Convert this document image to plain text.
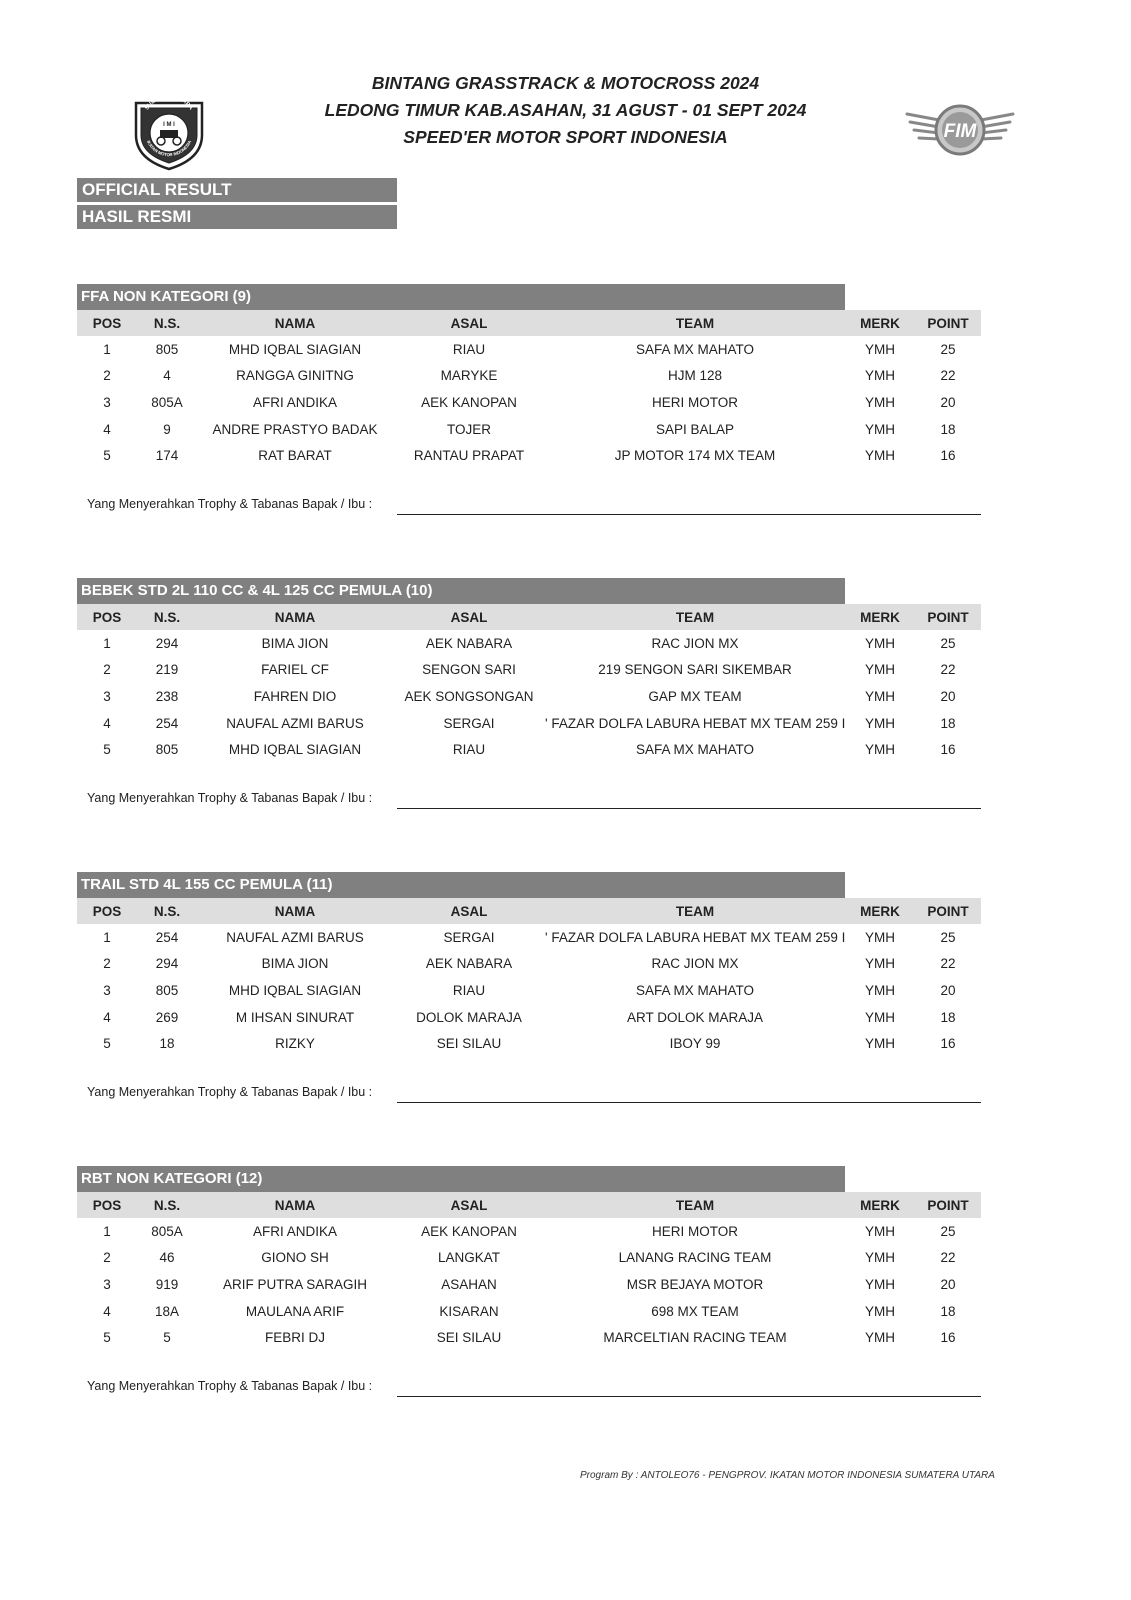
BINTANG GRASSTRACK & MOTOCROSS 2024
LEDONG TIMUR KAB.ASAHAN, 31 AGUST - 01 SEPT 2024
SPEED'ER MOTOR SPORT INDONESIA
SUMATERA UTARA
IKATAN MOTOR INDONESIA
I M I	FIM
OFFICIAL RESULT
HASIL RESMI
FFA NON KATEGORI (9)
POS	N.S.	NAMA	ASAL	TEAM	MERK	POINT
1	805	MHD IQBAL SIAGIAN	RIAU	SAFA MX MAHATO	YMH	25
2	4	RANGGA GINITNG	MARYKE	HJM 128	YMH	22
3	805A	AFRI ANDIKA	AEK KANOPAN	HERI MOTOR	YMH	20
4	9	ANDRE PRASTYO BADAK	TOJER	SAPI BALAP	YMH	18
5	174	RAT BARAT	RANTAU PRAPAT	JP MOTOR 174 MX TEAM	YMH	16
Yang Menyerahkan Trophy & Tabanas Bapak / Ibu :
BEBEK STD 2L 110 CC & 4L 125 CC PEMULA (10)
POS	N.S.	NAMA	ASAL	TEAM	MERK	POINT
1	294	BIMA JION	AEK NABARA	RAC JION MX	YMH	25
2	219	FARIEL CF	SENGON SARI	219 SENGON SARI SIKEMBAR	YMH	22
3	238	FAHREN DIO	AEK SONGSONGAN	GAP MX TEAM	YMH	20
4	254	NAUFAL AZMI BARUS	SERGAI	' FAZAR DOLFA LABURA HEBAT MX TEAM 259 I	YMH	18
5	805	MHD IQBAL SIAGIAN	RIAU	SAFA MX MAHATO	YMH	16
Yang Menyerahkan Trophy & Tabanas Bapak / Ibu :
TRAIL STD 4L 155 CC PEMULA (11)
POS	N.S.	NAMA	ASAL	TEAM	MERK	POINT
1	254	NAUFAL AZMI BARUS	SERGAI	' FAZAR DOLFA LABURA HEBAT MX TEAM 259 I	YMH	25
2	294	BIMA JION	AEK NABARA	RAC JION MX	YMH	22
3	805	MHD IQBAL SIAGIAN	RIAU	SAFA MX MAHATO	YMH	20
4	269	M IHSAN SINURAT	DOLOK MARAJA	ART DOLOK MARAJA	YMH	18
5	18	RIZKY	SEI SILAU	IBOY 99	YMH	16
Yang Menyerahkan Trophy & Tabanas Bapak / Ibu :
RBT NON KATEGORI (12)
POS	N.S.	NAMA	ASAL	TEAM	MERK	POINT
1	805A	AFRI ANDIKA	AEK KANOPAN	HERI MOTOR	YMH	25
2	46	GIONO SH	LANGKAT	LANANG RACING TEAM	YMH	22
3	919	ARIF PUTRA SARAGIH	ASAHAN	MSR BEJAYA MOTOR	YMH	20
4	18A	MAULANA ARIF	KISARAN	698 MX TEAM	YMH	18
5	5	FEBRI DJ	SEI SILAU	MARCELTIAN RACING TEAM	YMH	16
Yang Menyerahkan Trophy & Tabanas Bapak / Ibu :
Program By : ANTOLEO76 - PENGPROV. IKATAN MOTOR INDONESIA SUMATERA UTARA
